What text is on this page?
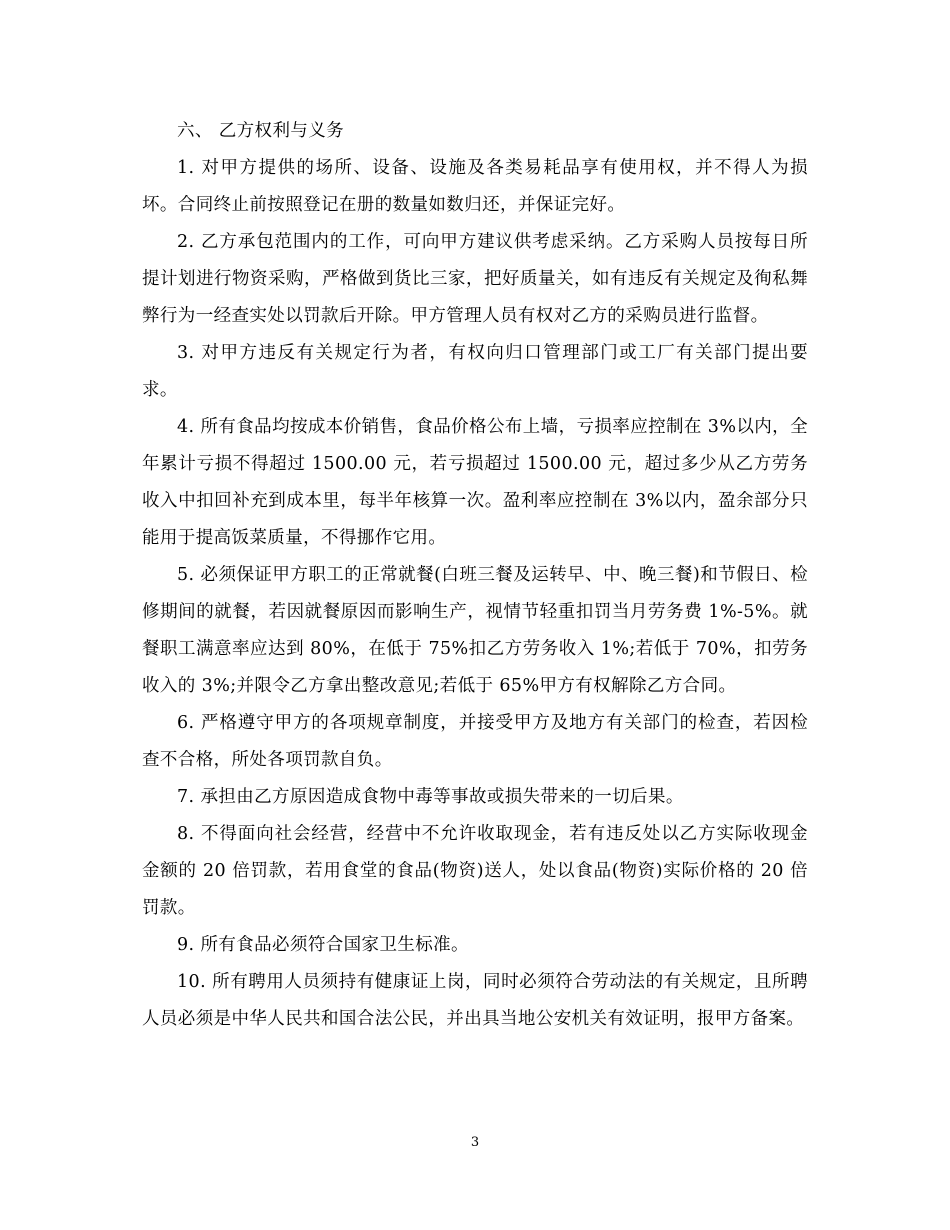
六、 乙方权利与义务

1. 对甲方提供的场所、设备、设施及各类易耗品享有使用权，并不得人为损坏。合同终止前按照登记在册的数量如数归还，并保证完好。

2. 乙方承包范围内的工作，可向甲方建议供考虑采纳。乙方采购人员按每日所提计划进行物资采购，严格做到货比三家，把好质量关，如有违反有关规定及徇私舞弊行为一经查实处以罚款后开除。甲方管理人员有权对乙方的采购员进行监督。

3. 对甲方违反有关规定行为者，有权向归口管理部门或工厂有关部门提出要求。

4. 所有食品均按成本价销售，食品价格公布上墙，亏损率应控制在 3%以内，全年累计亏损不得超过 1500.00 元，若亏损超过 1500.00 元，超过多少从乙方劳务收入中扣回补充到成本里，每半年核算一次。盈利率应控制在 3%以内，盈余部分只能用于提高饭菜质量，不得挪作它用。

5. 必须保证甲方职工的正常就餐(白班三餐及运转早、中、晚三餐)和节假日、检修期间的就餐，若因就餐原因而影响生产，视情节轻重扣罚当月劳务费 1%-5%。就餐职工满意率应达到 80%，在低于 75%扣乙方劳务收入 1%;若低于 70%，扣劳务收入的 3%;并限令乙方拿出整改意见;若低于 65%甲方有权解除乙方合同。

6. 严格遵守甲方的各项规章制度，并接受甲方及地方有关部门的检查，若因检查不合格，所处各项罚款自负。

7. 承担由乙方原因造成食物中毒等事故或损失带来的一切后果。

8. 不得面向社会经营，经营中不允许收取现金，若有违反处以乙方实际收现金金额的 20 倍罚款，若用食堂的食品(物资)送人，处以食品(物资)实际价格的 20 倍罚款。

9. 所有食品必须符合国家卫生标准。

10. 所有聘用人员须持有健康证上岗，同时必须符合劳动法的有关规定，且所聘人员必须是中华人民共和国合法公民，并出具当地公安机关有效证明，报甲方备案。

3
